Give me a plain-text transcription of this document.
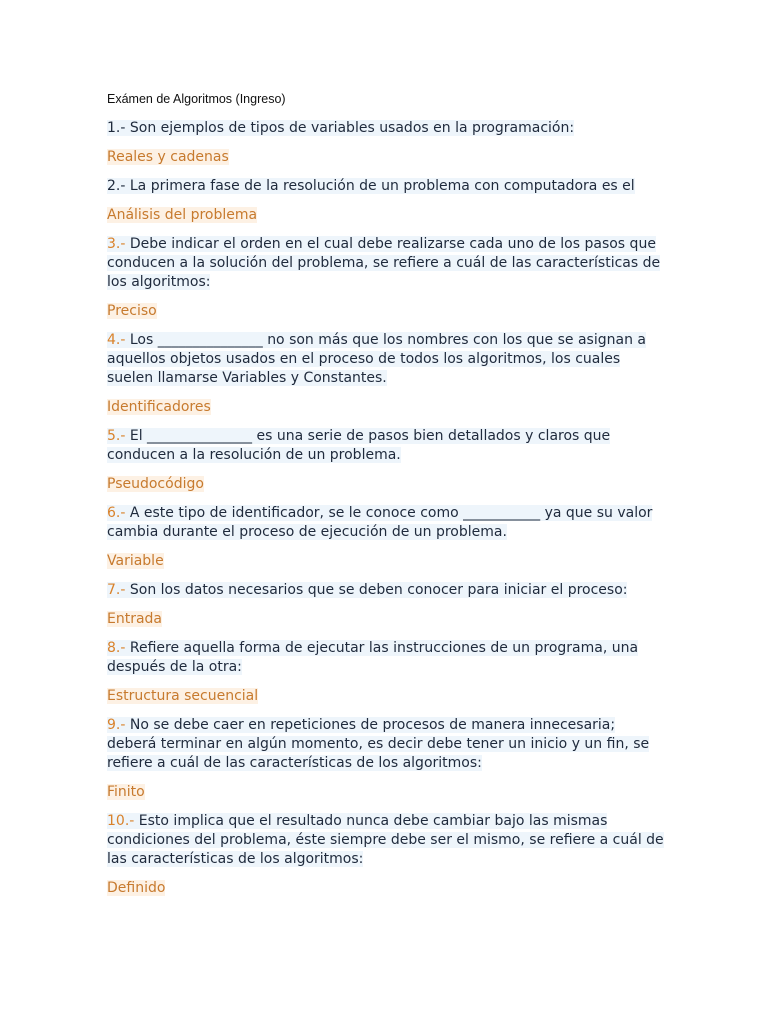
Exámen de Algoritmos (Ingreso)

1.- Son ejemplos de tipos de variables usados en la programación:

Reales y cadenas

2.- La primera fase de la resolución de un problema con computadora es el

Análisis del problema

3.- Debe indicar el orden en el cual debe realizarse cada uno de los pasos que conducen a la solución del problema, se refiere a cuál de las características de los algoritmos:

Preciso

4.- Los _______________ no son más que los nombres con los que se asignan a aquellos objetos usados en el proceso de todos los algoritmos, los cuales suelen llamarse Variables y Constantes.

Identificadores

5.- El _______________ es una serie de pasos bien detallados y claros que conducen a la resolución de un problema.

Pseudocódigo

6.- A este tipo de identificador, se le conoce como ___________ ya que su valor cambia durante el proceso de ejecución de un problema.

Variable

7.- Son los datos necesarios que se deben conocer para iniciar el proceso:

Entrada

8.- Refiere aquella forma de ejecutar las instrucciones de un programa, una después de la otra:

Estructura secuencial

9.- No se debe caer en repeticiones de procesos de manera innecesaria; deberá terminar en algún momento, es decir debe tener un inicio y un fin, se refiere a cuál de las características de los algoritmos:

Finito

10.- Esto implica que el resultado nunca debe cambiar bajo las mismas condiciones del problema, éste siempre debe ser el mismo, se refiere a cuál de las características de los algoritmos:

Definido
